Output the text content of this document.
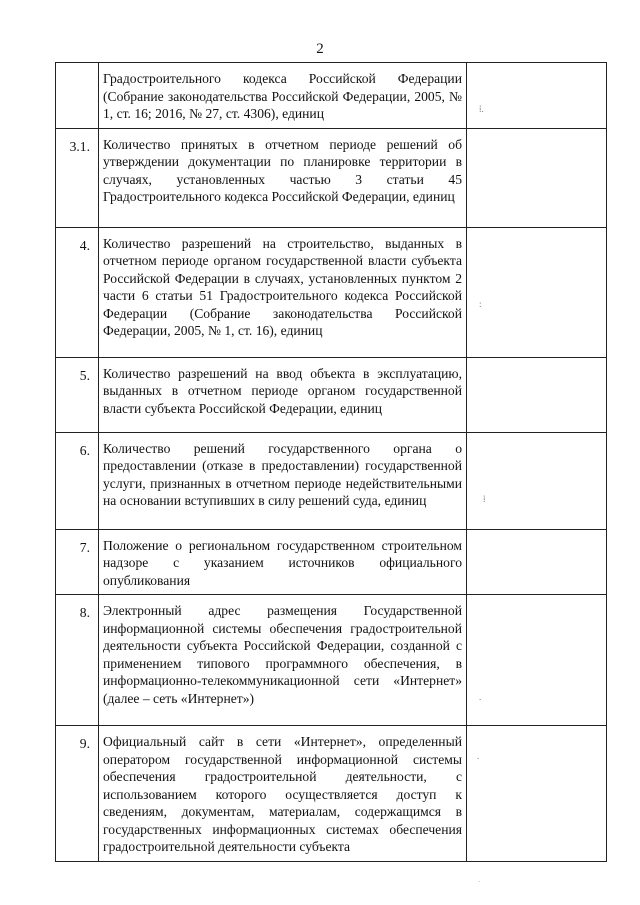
2
	Градостроительного кодекса Российской Федерации (Собрание законодательства Российской Федерации, 2005, № 1, ст. 16; 2016, № 27, ст. 4306), единиц	⁞.

3.1.	Количество принятых в отчетном периоде решений об утверждении документации по планировке территории в случаях, установленных частью 3 статьи 45 Градостроительного кодекса Российской Федерации, единиц	
4.	Количество разрешений на строительство, выданных в отчетном периоде органом государственной власти субъекта Российской Федерации в случаях, установленных пунктом 2 части 6 статьи 51 Градостроительного кодекса Российской Федерации (Собрание законодательства Российской Федерации, 2005, № 1, ст. 16), единиц	:

5.	Количество разрешений на ввод объекта в эксплуатацию, выданных в отчетном периоде органом государственной власти субъекта Российской Федерации, единиц	
6.	Количество решений государственного органа о предоставлении (отказе в предоставлении) государственной услуги, признанных в отчетном периоде недействительными на основании вступивших в силу решений суда, единиц	⁞

7.	Положение о региональном государственном строительном надзоре с указанием источников официального опубликования	
8.	Электронный адрес размещения Государственной информационной системы обеспечения градостроительной деятельности субъекта Российской Федерации, созданной с применением типового программного обеспечения, в информационно-телекоммуникационной сети «Интернет» (далее – сеть «Интернет»)	.

9.	Официальный сайт в сети «Интернет», определенный оператором государственной информационной системы обеспечения градостроительной деятельности, с использованием которого осуществляется доступ к сведениям, документам, материалам, содержащимся в государственных информационных системах обеспечения градостроительной деятельности субъекта	.
·
